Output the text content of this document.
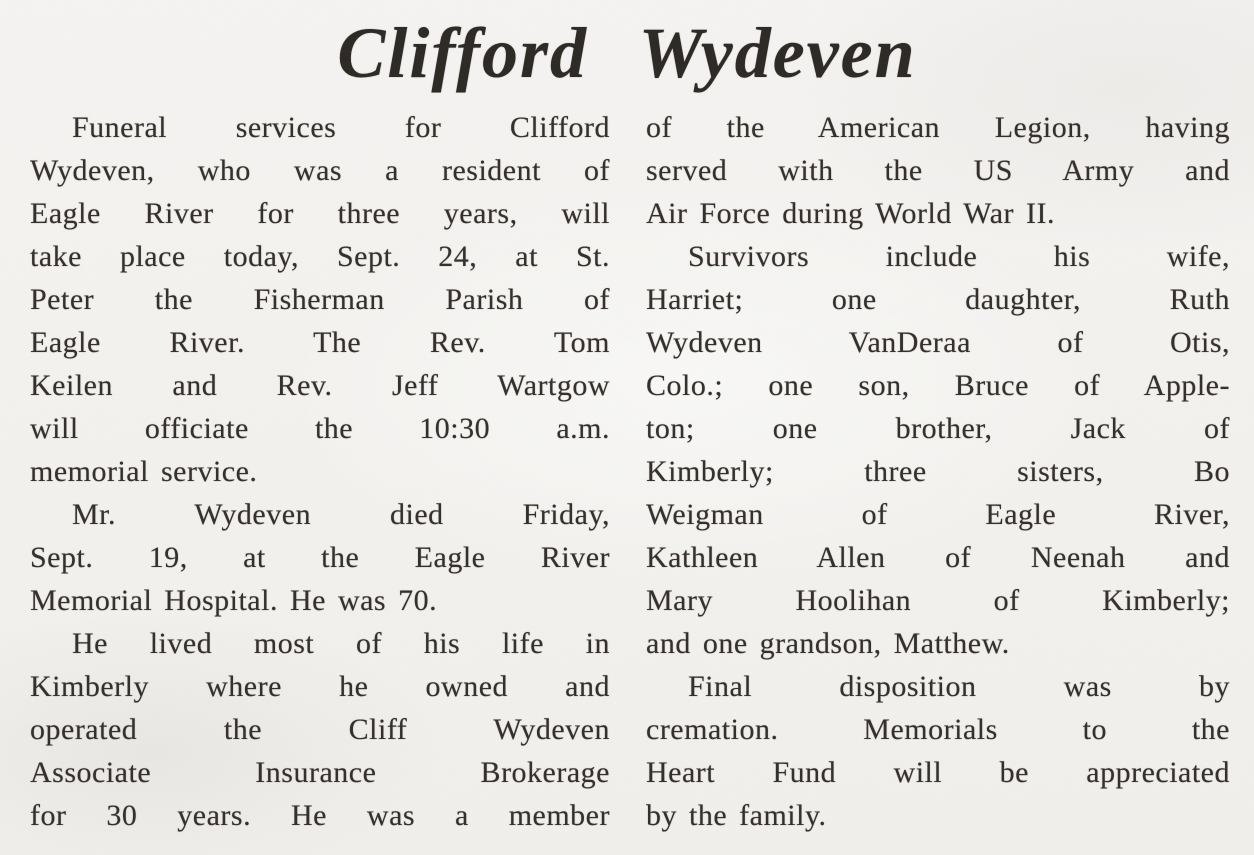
Clifford Wydeven
Funeral services for Clifford
Wydeven, who was a resident of
Eagle River for three years, will
take place today, Sept. 24, at St.
Peter the Fisherman Parish of
Eagle River. The Rev. Tom
Keilen and Rev. Jeff Wartgow
will officiate the 10:30 a.m.
memorial service.
Mr. Wydeven died Friday,
Sept. 19, at the Eagle River
Memorial Hospital. He was 70.
He lived most of his life in
Kimberly where he owned and
operated the Cliff Wydeven
Associate Insurance Brokerage
for 30 years. He was a member
of the American Legion, having
served with the US Army and
Air Force during World War II.
Survivors include his wife,
Harriet; one daughter, Ruth
Wydeven VanDeraa of Otis,
Colo.; one son, Bruce of Apple-
ton; one brother, Jack of
Kimberly; three sisters, Bo
Weigman of Eagle River,
Kathleen Allen of Neenah and
Mary Hoolihan of Kimberly;
and one grandson, Matthew.
Final disposition was by
cremation. Memorials to the
Heart Fund will be appreciated
by the family.
